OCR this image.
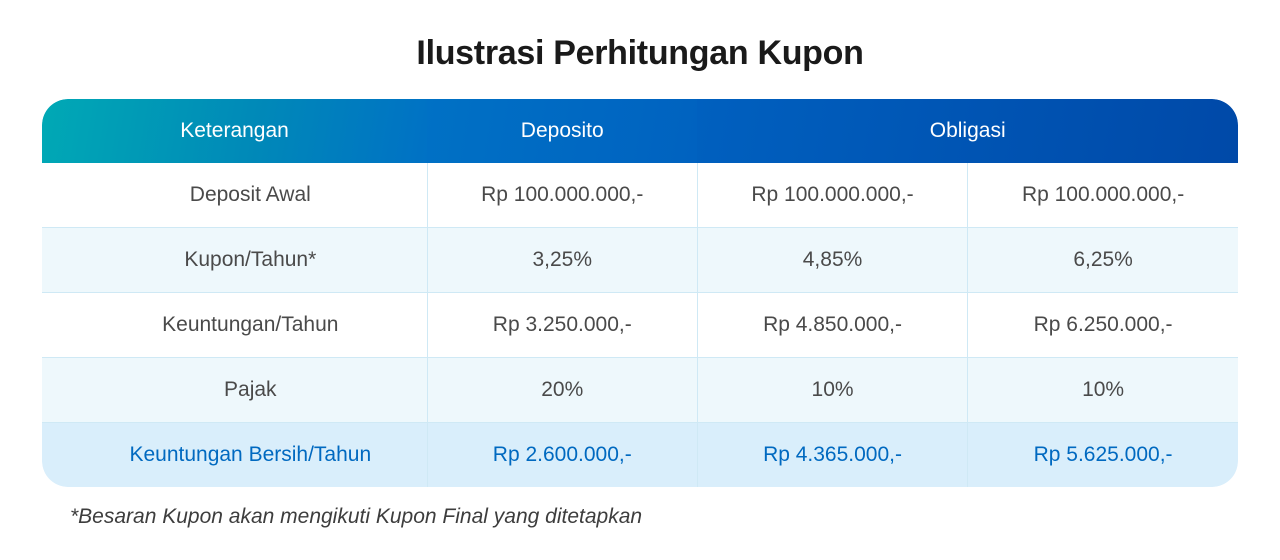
Ilustrasi Perhitungan Kupon
Keterangan	Deposito	Obligasi	
Deposit Awal	Rp 100.000.000,-	Rp 100.000.000,-	Rp 100.000.000,-
Kupon/Tahun*	3,25%	4,85%	6,25%
Keuntungan/Tahun	Rp 3.250.000,-	Rp 4.850.000,-	Rp 6.250.000,-
Pajak	20%	10%	10%
Keuntungan Bersih/Tahun	Rp 2.600.000,-	Rp 4.365.000,-	Rp 5.625.000,-
*Besaran Kupon akan mengikuti Kupon Final yang ditetapkan
